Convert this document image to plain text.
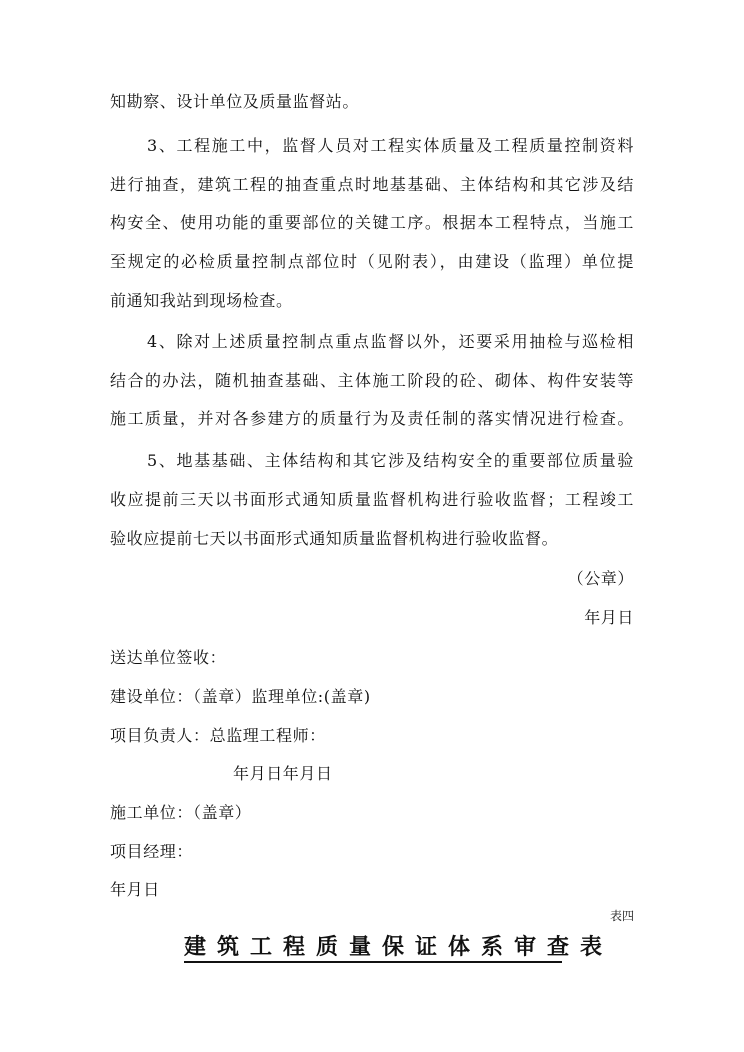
知勘察、设计单位及质量监督站。
3、工程施工中，监督人员对工程实体质量及工程质量控制资料
进行抽查，建筑工程的抽查重点时地基基础、主体结构和其它涉及结
构安全、使用功能的重要部位的关键工序。根据本工程特点，当施工
至规定的必检质量控制点部位时（见附表），由建设（监理）单位提
前通知我站到现场检查。
4、除对上述质量控制点重点监督以外，还要采用抽检与巡检相
结合的办法，随机抽查基础、主体施工阶段的砼、砌体、构件安装等
施工质量，并对各参建方的质量行为及责任制的落实情况进行检查。
5、地基基础、主体结构和其它涉及结构安全的重要部位质量验
收应提前三天以书面形式通知质量监督机构进行验收监督；工程竣工
验收应提前七天以书面形式通知质量监督机构进行验收监督。
（公章）
年月日
送达单位签收：
建设单位：（盖章）监理单位:(盖章)
项目负责人：总监理工程师：
年月日年月日
施工单位：（盖章）
项目经理：
年月日
表四
建筑工程质量保证体系审查表
